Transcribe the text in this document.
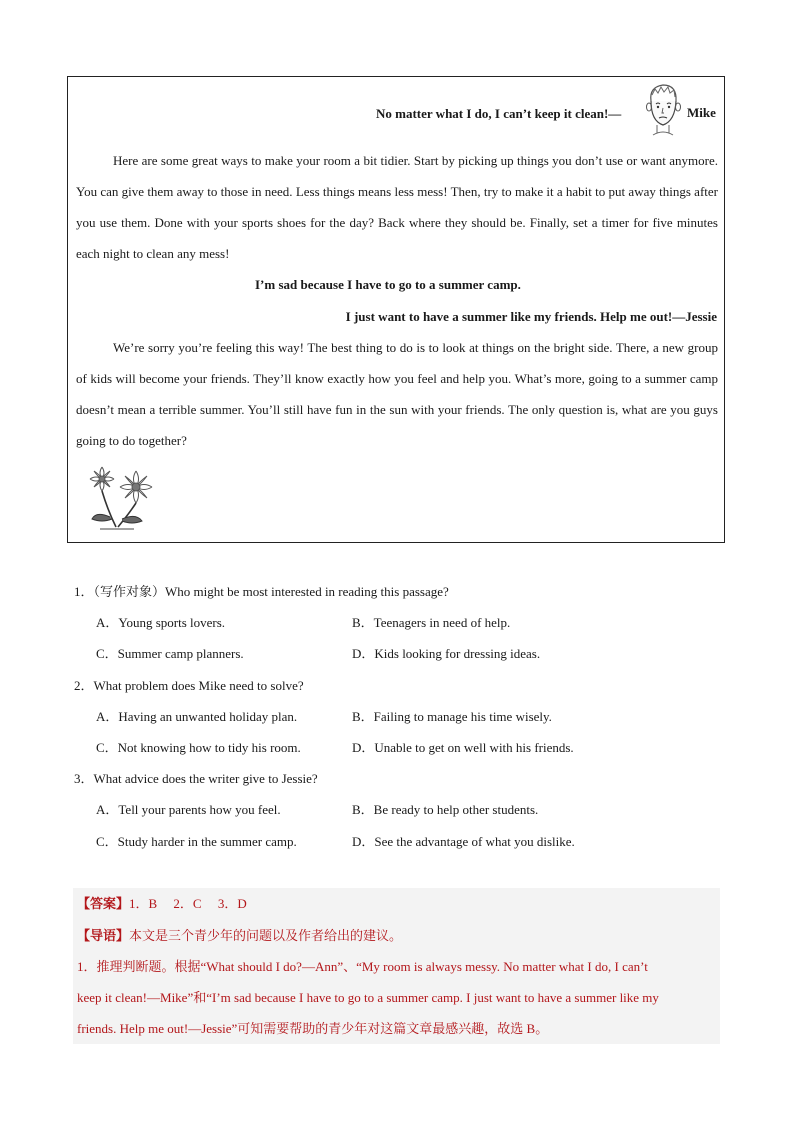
No matter what I do, I can’t keep it clean!—	Mike
Here are some great ways to make your room a bit tidier. Start by picking up things you don’t use or want anymore. You can give them away to those in need. Less things means less mess! Then, try to make it a habit to put away things after you use them. Done with your sports shoes for the day? Back where they should be. Finally, set a timer for five minutes each night to clean any mess!
I’m sad because I have to go to a summer camp.
I just want to have a summer like my friends. Help me out!—Jessie
We’re sorry you’re feeling this way! The best thing to do is to look at things on the bright side. There, a new group of kids will become your friends. They’ll know exactly how you feel and help you. What’s more, going to a summer camp doesn’t mean a terrible summer. You’ll still have fun in the sun with your friends. The only question is, what are you guys going to do together?
1．（写作对象）Who might be most interested in reading this passage?
A．Young sports lovers.	B．Teenagers in need of help.
C．Summer camp planners.	D．Kids looking for dressing ideas.
2．What problem does Mike need to solve?
A．Having an unwanted holiday plan.	B．Failing to manage his time wisely.
C．Not knowing how to tidy his room.	D．Unable to get on well with his friends.
3．What advice does the writer give to Jessie?
A．Tell your parents how you feel.	B．Be ready to help other students.
C．Study harder in the summer camp.	D．See the advantage of what you dislike.
【答案】1．B　 2．C　 3．D
【导语】本文是三个青少年的问题以及作者给出的建议。
1．推理判断题。根据“What should I do?—Ann”、“My room is always messy. No matter what I do, I can’t
keep it clean!—Mike”和“I’m sad because I have to go to a summer camp. I just want to have a summer like my
friends. Help me out!—Jessie”可知需要帮助的青少年对这篇文章最感兴趣，故选 B。
